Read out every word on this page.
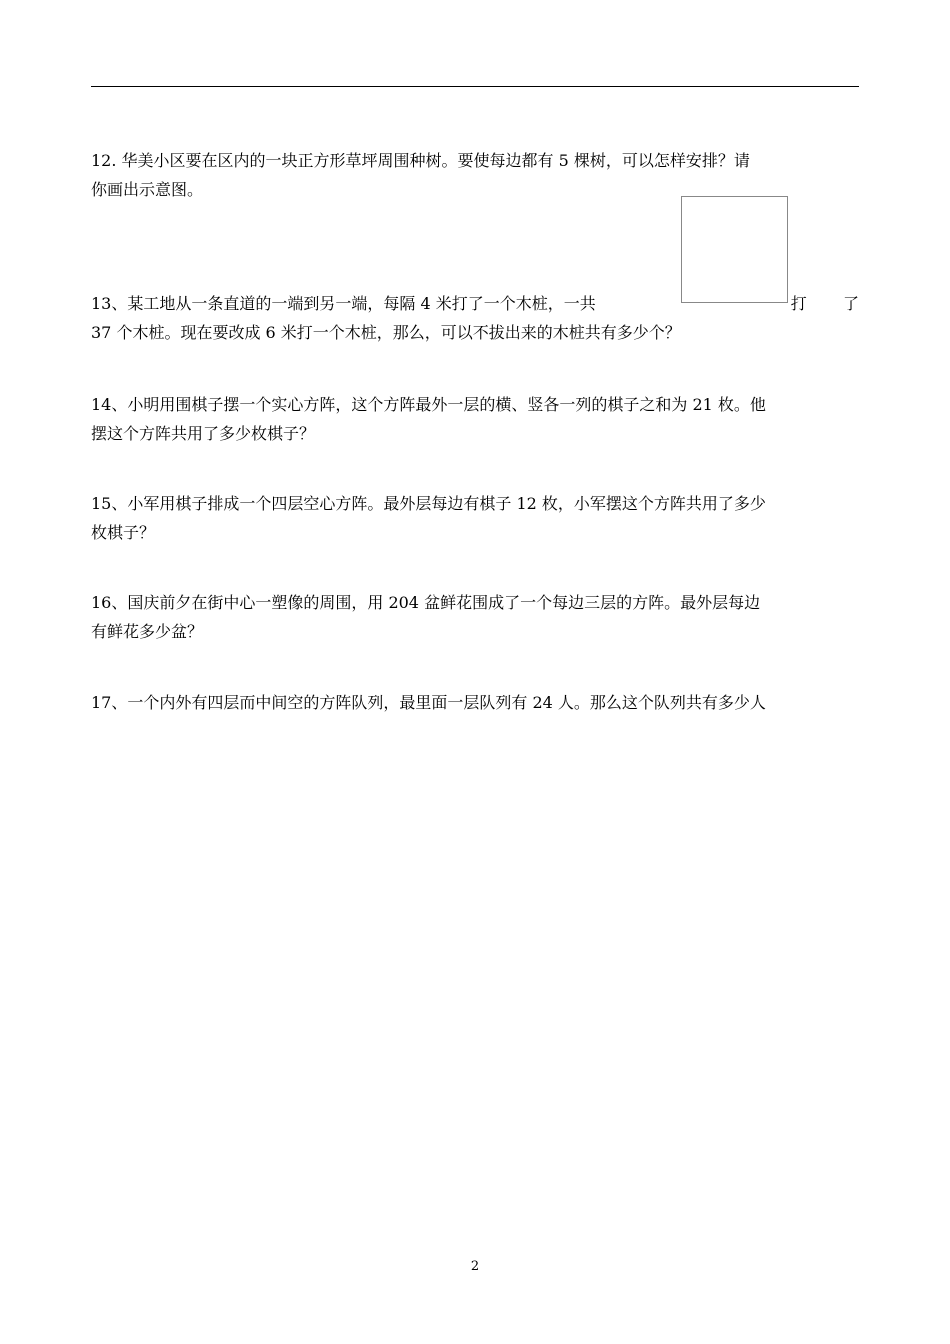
12. 华美小区要在区内的一块正方形草坪周围种树。要使每边都有 5 棵树，可以怎样安排？请
你画出示意图。
13、某工地从一条直道的一端到另一端，每隔 4 米打了一个木桩，一共	打 了
37 个木桩。现在要改成 6 米打一个木桩，那么，可以不拔出来的木桩共有多少个？
14、小明用围棋子摆一个实心方阵，这个方阵最外一层的横、竖各一列的棋子之和为 21 枚。他
摆这个方阵共用了多少枚棋子？
15、小军用棋子排成一个四层空心方阵。最外层每边有棋子 12 枚，小军摆这个方阵共用了多少
枚棋子？
16、国庆前夕在街中心一塑像的周围，用 204 盆鲜花围成了一个每边三层的方阵。最外层每边
有鲜花多少盆？
17、一个内外有四层而中间空的方阵队列，最里面一层队列有 24 人。那么这个队列共有多少人
2
